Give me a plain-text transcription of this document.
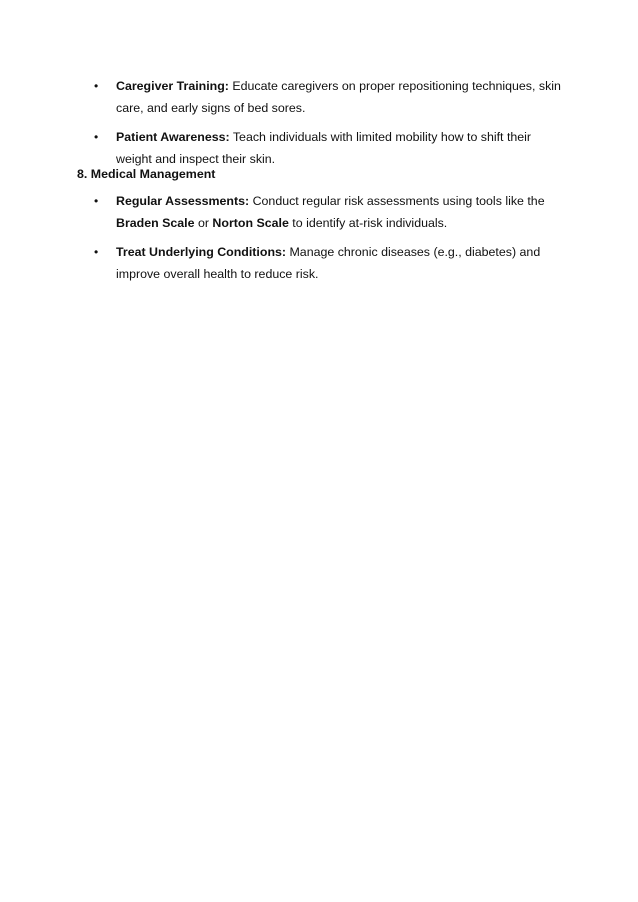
• Caregiver Training: Educate caregivers on proper repositioning techniques, skin care, and early signs of bed sores.
• Patient Awareness: Teach individuals with limited mobility how to shift their weight and inspect their skin.
8. Medical Management
• Regular Assessments: Conduct regular risk assessments using tools like the Braden Scale or Norton Scale to identify at-risk individuals.
• Treat Underlying Conditions: Manage chronic diseases (e.g., diabetes) and improve overall health to reduce risk.
